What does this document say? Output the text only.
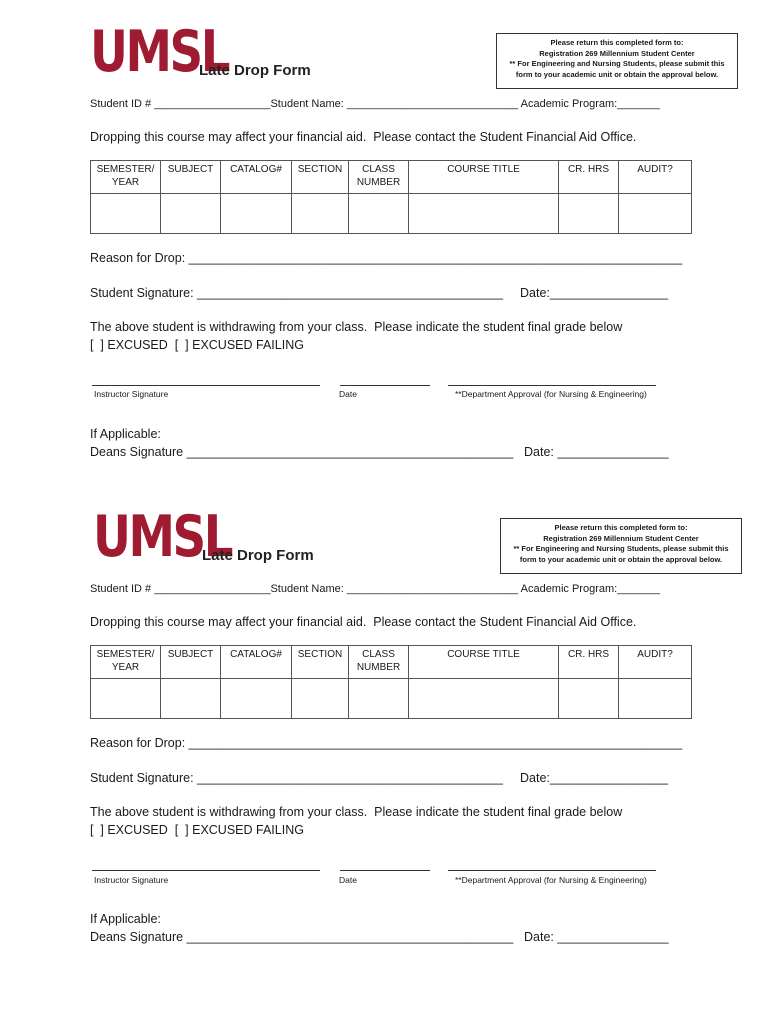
UMSL
Late Drop Form
Please return this completed form to:
Registration 269 Millennium Student Center
** For Engineering and Nursing Students, please submit this
form to your academic unit or obtain the approval below.
Student ID # ___________________Student Name: ____________________________ Academic Program:_______
Dropping this course may affect your financial aid.  Please contact the Student Financial Aid Office.
SEMESTER/ YEAR	SUBJECT	CATALOG#	SECTION	CLASS NUMBER	COURSE TITLE	CR. HRS	AUDIT?

Reason for Drop: _______________________________________________________________________
Student Signature: ____________________________________________ Date:_________________
The above student is withdrawing from your class.  Please indicate the student final grade below
[  ] EXCUSED  [  ] EXCUSED FAILING
Instructor Signature	Date	**Department Approval (for Nursing & Engineering)
If Applicable:
Deans Signature _______________________________________________ Date: ________________
UMSL
Late Drop Form
Please return this completed form to:
Registration 269 Millennium Student Center
** For Engineering and Nursing Students, please submit this
form to your academic unit or obtain the approval below.
Student ID # ___________________Student Name: ____________________________ Academic Program:_______
Dropping this course may affect your financial aid.  Please contact the Student Financial Aid Office.
SEMESTER/ YEAR	SUBJECT	CATALOG#	SECTION	CLASS NUMBER	COURSE TITLE	CR. HRS	AUDIT?

Reason for Drop: _______________________________________________________________________
Student Signature: ____________________________________________ Date:_________________
The above student is withdrawing from your class.  Please indicate the student final grade below
[  ] EXCUSED  [  ] EXCUSED FAILING
Instructor Signature	Date	**Department Approval (for Nursing & Engineering)
If Applicable:
Deans Signature _______________________________________________ Date: ________________
